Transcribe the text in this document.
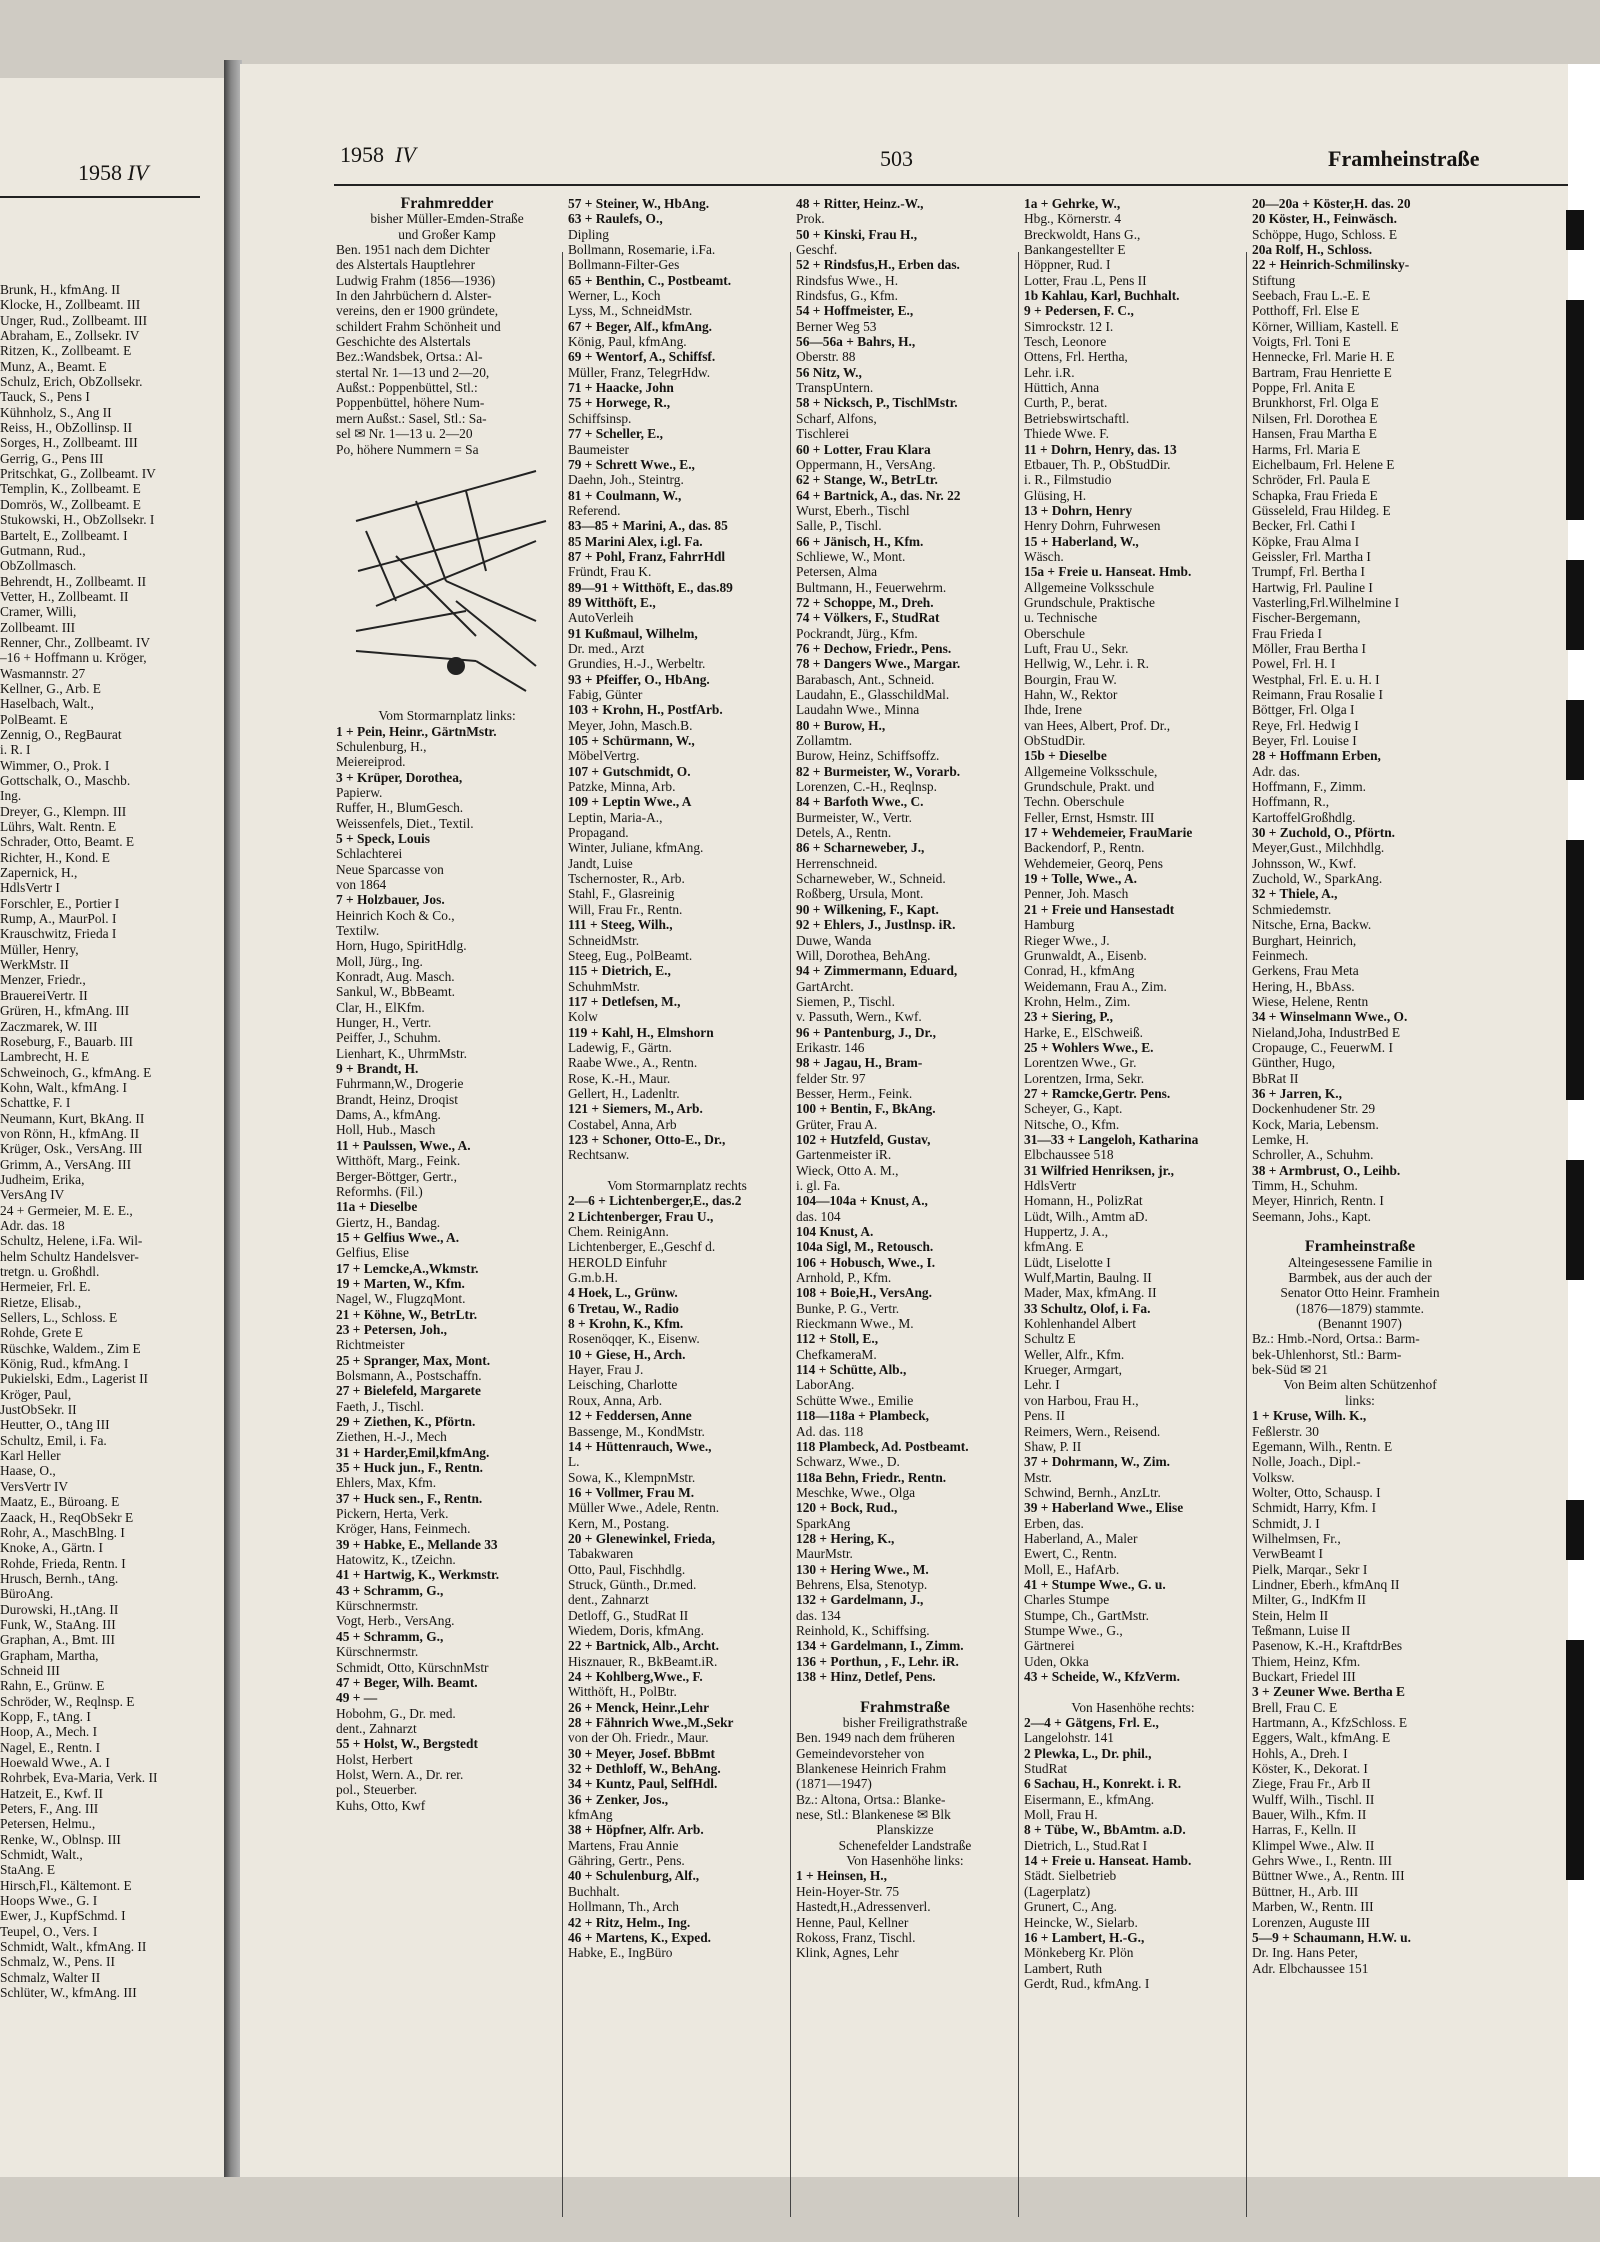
1958 IV
Brunk, H., kfmAng. II
Klocke, H., Zollbeamt. III
Unger, Rud., Zollbeamt. III
Abraham, E., Zollsekr. IV
Ritzen, K., Zollbeamt. E
Munz, A., Beamt. E
Schulz, Erich, ObZollsekr.
Tauck, S., Pens I
Kühnholz, S., Ang II
Reiss, H., ObZollinsp. II
Sorges, H., Zollbeamt. III
Gerrig, G., Pens III
Pritschkat, G., Zollbeamt. IV
Templin, K., Zollbeamt. E
Domrös, W., Zollbeamt. E
Stukowski, H., ObZollsekr. I
Bartelt, E., Zollbeamt. I
Gutmann, Rud.,
ObZollmasch.
Behrendt, H., Zollbeamt. II
Vetter, H., Zollbeamt. II
Cramer, Willi,
Zollbeamt. III
Renner, Chr., Zollbeamt. IV
–16 + Hoffmann u. Kröger,
Wasmannstr. 27
Kellner, G., Arb. E
Haselbach, Walt.,
PolBeamt. E
Zennig, O., RegBaurat
i. R. I
Wimmer, O., Prok. I
Gottschalk, O., Maschb.
Ing.
Dreyer, G., Klempn. III
Lührs, Walt. Rentn. E
Schrader, Otto, Beamt. E
Richter, H., Kond. E
Zapernick, H.,
HdlsVertr I
Forschler, E., Portier I
Rump, A., MaurPol. I
Krauschwitz, Frieda I
Müller, Henry,
WerkMstr. II
Menzer, Friedr.,
BrauereiVertr. II
Grüren, H., kfmAng. III
Zaczmarek, W. III
Roseburg, F., Bauarb. III
Lambrecht, H. E
Schweinoch, G., kfmAng. E
Kohn, Walt., kfmAng. I
Schattke, F. I
Neumann, Kurt, BkAng. II
von Rönn, H., kfmAng. II
Krüger, Osk., VersAng. III
Grimm, A., VersAng. III
Judheim, Erika,
VersAng IV
24 + Germeier, M. E. E.,
Adr. das. 18
Schultz, Helene, i.Fa. Wil-
helm Schultz Handelsver-
tretgn. u. Großhdl.
Hermeier, Frl. E.
Rietze, Elisab.,
Sellers, L., Schloss. E
Rohde, Grete E
Rüschke, Waldem., Zim E
König, Rud., kfmAng. I
Pukielski, Edm., Lagerist II
Kröger, Paul,
JustObSekr. II
Heutter, O., tAng III
Schultz, Emil, i. Fa.
Karl Heller
Haase, O.,
VersVertr IV
Maatz, E., Büroang. E
Zaack, H., ReqObSekr E
Rohr, A., MaschBlng. I
Knoke, A., Gärtn. I
Rohde, Frieda, Rentn. I
Hrusch, Bernh., tAng.
BüroAng.
Durowski, H.,tAng. II
Funk, W., StaAng. III
Graphan, A., Bmt. III
Grapham, Martha,
Schneid III
Rahn, E., Grünw. E
Schröder, W., Reqlnsp. E
Kopp, F., tAng. I
Hoop, A., Mech. I
Nagel, E., Rentn. I
Hoewald Wwe., A. I
Rohrbek, Eva-Maria, Verk. II
Hatzeit, E., Kwf. II
Peters, F., Ang. III
Petersen, Helmu.,
Renke, W., Oblnsp. III
Schmidt, Walt.,
StaAng. E
Hirsch,Fl., Kältemont. E
Hoops Wwe., G. I
Ewer, J., KupfSchmd. I
Teupel, O., Vers. I
Schmidt, Walt., kfmAng. II
Schmalz, W., Pens. II
Schmalz, Walter II
Schlüter, W., kfmAng. III
1958 IV	503	Framheinstraße
Frahmredder
bisher Müller-Emden-Straße
und Großer Kamp
Ben. 1951 nach dem Dichter
des Alstertals Hauptlehrer
Ludwig Frahm (1856—1936)
In den Jahrbüchern d. Alster-
vereins, den er 1900 gründete,
schildert Frahm Schönheit und
Geschichte des Alstertals
Bez.:Wandsbek, Ortsa.: Al-
stertal Nr. 1—13 und 2—20,
Außst.: Poppenbüttel, Stl.:
Poppenbüttel, höhere Num-
mern Außst.: Sasel, Stl.: Sa-
sel ✉ Nr. 1—13 u. 2—20
Po, höhere Nummern = Sa
Vom Stormarnplatz links:
1 + Pein, Heinr., GärtnMstr.
Schulenburg, H.,
Meiereiprod.
3 + Krüper, Dorothea,
Papierw.
Ruffer, H., BlumGesch.
Weissenfels, Diet., Textil.
5 + Speck, Louis
Schlachterei
Neue Sparcasse von
von 1864
7 + Holzbauer, Jos.
Heinrich Koch & Co.,
Textilw.
Horn, Hugo, SpiritHdlg.
Moll, Jürg., Ing.
Konradt, Aug. Masch.
Sankul, W., BbBeamt.
Clar, H., ElKfm.
Hunger, H., Vertr.
Peiffer, J., Schuhm.
Lienhart, K., UhrmMstr.
9 + Brandt, H.
Fuhrmann,W., Drogerie
Brandt, Heinz, Droqist
Dams, A., kfmAng.
Holl, Hub., Masch
11 + Paulssen, Wwe., A.
Witthöft, Marg., Feink.
Berger-Böttger, Gertr.,
Reformhs. (Fil.)
11a + Dieselbe
Giertz, H., Bandag.
15 + Gelfius Wwe., A.
Gelfius, Elise
17 + Lemcke,A.,Wkmstr.
19 + Marten, W., Kfm.
Nagel, W., FlugzqMont.
21 + Köhne, W., BetrLtr.
23 + Petersen, Joh.,
Richtmeister
25 + Spranger, Max, Mont.
Bolsmann, A., Postschaffn.
27 + Bielefeld, Margarete
Faeth, J., Tischl.
29 + Ziethen, K., Pförtn.
Ziethen, H.-J., Mech
31 + Harder,Emil,kfmAng.
35 + Huck jun., F., Rentn.
Ehlers, Max, Kfm.
37 + Huck sen., F., Rentn.
Pickern, Herta, Verk.
Kröger, Hans, Feinmech.
39 + Habke, E., Mellande 33
Hatowitz, K., tZeichn.
41 + Hartwig, K., Werkmstr.
43 + Schramm, G.,
Kürschnermstr.
Vogt, Herb., VersAng.
45 + Schramm, G.,
Kürschnermstr.
Schmidt, Otto, KürschnMstr
47 + Beger, Wilh. Beamt.
49 + —
Hobohm, G., Dr. med.
dent., Zahnarzt
55 + Holst, W., Bergstedt
Holst, Herbert
Holst, Wern. A., Dr. rer.
pol., Steuerber.
Kuhs, Otto, Kwf
57 + Steiner, W., HbAng.
63 + Raulefs, O.,
Dipling
Bollmann, Rosemarie, i.Fa.
Bollmann-Filter-Ges
65 + Benthin, C., Postbeamt.
Werner, L., Koch
Lyss, M., SchneidMstr.
67 + Beger, Alf., kfmAng.
König, Paul, kfmAng.
69 + Wentorf, A., Schiffsf.
Müller, Franz, TelegrHdw.
71 + Haacke, John
75 + Horwege, R.,
Schiffsinsp.
77 + Scheller, E.,
Baumeister
79 + Schrett Wwe., E.,
Daehn, Joh., Steintrg.
81 + Coulmann, W.,
Referend.
83—85 + Marini, A., das. 85
85 Marini Alex, i.gl. Fa.
87 + Pohl, Franz, FahrrHdl
Fründt, Frau K.
89—91 + Witthöft, E., das.89
89 Witthöft, E.,
AutoVerleih
91 Kußmaul, Wilhelm,
Dr. med., Arzt
Grundies, H.-J., Werbeltr.
93 + Pfeiffer, O., HbAng.
Fabig, Günter
103 + Krohn, H., PostfArb.
Meyer, John, Masch.B.
105 + Schürmann, W.,
MöbelVertrg.
107 + Gutschmidt, O.
Patzke, Minna, Arb.
109 + Leptin Wwe., A
Leptin, Maria-A.,
Propagand.
Winter, Juliane, kfmAng.
Jandt, Luise
Tschernoster, R., Arb.
Stahl, F., Glasreinig
Will, Frau Fr., Rentn.
111 + Steeg, Wilh.,
SchneidMstr.
Steeg, Eug., PolBeamt.
115 + Dietrich, E.,
SchuhmMstr.
117 + Detlefsen, M.,
Kolw
119 + Kahl, H., Elmshorn
Ladewig, F., Gärtn.
Raabe Wwe., A., Rentn.
Rose, K.-H., Maur.
Gellert, H., Ladenltr.
121 + Siemers, M., Arb.
Costabel, Anna, Arb
123 + Schoner, Otto-E., Dr.,
Rechtsanw.

Vom Stormarnplatz rechts
2—6 + Lichtenberger,E., das.2
2 Lichtenberger, Frau U.,
Chem. ReinigAnn.
Lichtenberger, E.,Geschf d.
HEROLD Einfuhr
G.m.b.H.
4 Hoek, L., Grünw.
6 Tretau, W., Radio
8 + Krohn, K., Kfm.
Rosenöqqer, K., Eisenw.
10 + Giese, H., Arch.
Hayer, Frau J.
Leisching, Charlotte
Roux, Anna, Arb.
12 + Feddersen, Anne
Bassenge, M., KondMstr.
14 + Hüttenrauch, Wwe.,
L.
Sowa, K., KlempnMstr.
16 + Vollmer, Frau M.
Müller Wwe., Adele, Rentn.
Kern, M., Postang.
20 + Glenewinkel, Frieda,
Tabakwaren
Otto, Paul, Fischhdlg.
Struck, Günth., Dr.med.
dent., Zahnarzt
Detloff, G., StudRat II
Wiedem, Doris, kfmAng.
22 + Bartnick, Alb., Archt.
Hisznauer, R., BkBeamt.iR.
24 + Kohlberg,Wwe., F.
Witthöft, H., PolBtr.
26 + Menck, Heinr.,Lehr
28 + Fähnrich Wwe.,M.,Sekr
von der Oh. Friedr., Maur.
30 + Meyer, Josef. BbBmt
32 + Dethloff, W., BehAng.
34 + Kuntz, Paul, SelfHdl.
36 + Zenker, Jos.,
kfmAng
38 + Höpfner, Alfr. Arb.
Martens, Frau Annie
Gähring, Gertr., Pens.
40 + Schulenburg, Alf.,
Buchhalt.
Hollmann, Th., Arch
42 + Ritz, Helm., Ing.
46 + Martens, K., Exped.
Habke, E., IngBüro
48 + Ritter, Heinz.-W.,
Prok.
50 + Kinski, Frau H.,
Geschf.
52 + Rindsfus,H., Erben das.
Rindsfus Wwe., H.
Rindsfus, G., Kfm.
54 + Hoffmeister, E.,
Berner Weg 53
56—56a + Bahrs, H.,
Oberstr. 88
56 Nitz, W.,
TranspUntern.
58 + Nicksch, P., TischlMstr.
Scharf, Alfons,
Tischlerei
60 + Lotter, Frau Klara
Oppermann, H., VersAng.
62 + Stange, W., BetrLtr.
64 + Bartnick, A., das. Nr. 22
Wurst, Eberh., Tischl
Salle, P., Tischl.
66 + Jänisch, H., Kfm.
Schliewe, W., Mont.
Petersen, Alma
Bultmann, H., Feuerwehrm.
72 + Schoppe, M., Dreh.
74 + Völkers, F., StudRat
Pockrandt, Jürg., Kfm.
76 + Dechow, Friedr., Pens.
78 + Dangers Wwe., Margar.
Barabasch, Ant., Schneid.
Laudahn, E., GlasschildMal.
Laudahn Wwe., Minna
80 + Burow, H.,
Zollamtm.
Burow, Heinz, Schiffsoffz.
82 + Burmeister, W., Vorarb.
Lorenzen, C.-H., Reqlnsp.
84 + Barfoth Wwe., C.
Burmeister, W., Vertr.
Detels, A., Rentn.
86 + Scharneweber, J.,
Herrenschneid.
Scharneweber, W., Schneid.
Roßberg, Ursula, Mont.
90 + Wilkening, F., Kapt.
92 + Ehlers, J., Justlnsp. iR.
Duwe, Wanda
Will, Dorothea, BehAng.
94 + Zimmermann, Eduard,
GartArcht.
Siemen, P., Tischl.
v. Passuth, Wern., Kwf.
96 + Pantenburg, J., Dr.,
Erikastr. 146
98 + Jagau, H., Bram-
felder Str. 97
Besser, Herm., Feink.
100 + Bentin, F., BkAng.
Grüter, Frau A.
102 + Hutzfeld, Gustav,
Gartenmeister iR.
Wieck, Otto A. M.,
i. gl. Fa.
104—104a + Knust, A.,
das. 104
104 Knust, A.
104a Sigl, M., Retousch.
106 + Hobusch, Wwe., I.
Arnhold, P., Kfm.
108 + Boie,H., VersAng.
Bunke, P. G., Vertr.
Rieckmann Wwe., M.
112 + Stoll, E.,
ChefkameraM.
114 + Schütte, Alb.,
LaborAng.
Schütte Wwe., Emilie
118—118a + Plambeck,
Ad. das. 118
118 Plambeck, Ad. Postbeamt.
Schwarz, Wwe., D.
118a Behn, Friedr., Rentn.
Meschke, Wwe., Olga
120 + Bock, Rud.,
SparkAng
128 + Hering, K.,
MaurMstr.
130 + Hering Wwe., M.
Behrens, Elsa, Stenotyp.
132 + Gardelmann, J.,
das. 134
Reinhold, K., Schiffsing.
134 + Gardelmann, I., Zimm.
136 + Porthun, , F., Lehr. iR.
138 + Hinz, Detlef, Pens.

Frahmstraße
bisher Freiligrathstraße
Ben. 1949 nach dem früheren
Gemeindevorsteher von
Blankenese Heinrich Frahm
(1871—1947)
Bz.: Altona, Ortsa.: Blanke-
nese, Stl.: Blankenese ✉ Blk
Planskizze
Schenefelder Landstraße
Von Hasenhöhe links:
1 + Heinsen, H.,
Hein-Hoyer-Str. 75
Hastedt,H.,Adressenverl.
Henne, Paul, Kellner
Rokoss, Franz, Tischl.
Klink, Agnes, Lehr
1a + Gehrke, W.,
Hbg., Körnerstr. 4
Breckwoldt, Hans G.,
Bankangestellter E
Höppner, Rud. I
Lotter, Frau .L, Pens II
1b Kahlau, Karl, Buchhalt.
9 + Pedersen, F. C.,
Simrockstr. 12 I.
Tesch, Leonore
Ottens, Frl. Hertha,
Lehr. i.R.
Hüttich, Anna
Curth, P., berat.
Betriebswirtschaftl.
Thiede Wwe. F.
11 + Dohrn, Henry, das. 13
Etbauer, Th. P., ObStudDir.
i. R., Filmstudio
Glüsing, H.
13 + Dohrn, Henry
Henry Dohrn, Fuhrwesen
15 + Haberland, W.,
Wäsch.
15a + Freie u. Hanseat. Hmb.
Allgemeine Volksschule
Grundschule, Praktische
u. Technische
Oberschule
Luft, Frau U., Sekr.
Hellwig, W., Lehr. i. R.
Bourgin, Frau W.
Hahn, W., Rektor
Ihde, Irene
van Hees, Albert, Prof. Dr.,
ObStudDir.
15b + Dieselbe
Allgemeine Volksschule,
Grundschule, Prakt. und
Techn. Oberschule
Feller, Ernst, Hsmstr. III
17 + Wehdemeier, FrauMarie
Backendorf, P., Rentn.
Wehdemeier, Georq, Pens
19 + Tolle, Wwe., A.
Penner, Joh. Masch
21 + Freie und Hansestadt
Hamburg
Rieger Wwe., J.
Grunwaldt, A., Eisenb.
Conrad, H., kfmAng
Weidemann, Frau A., Zim.
Krohn, Helm., Zim.
23 + Siering, P.,
Harke, E., ElSchweiß.
25 + Wohlers Wwe., E.
Lorentzen Wwe., Gr.
Lorentzen, Irma, Sekr.
27 + Ramcke,Gertr. Pens.
Scheyer, G., Kapt.
Nitsche, O., Kfm.
31—33 + Langeloh, Katharina
Elbchaussee 518
31 Wilfried Henriksen, jr.,
HdlsVertr
Homann, H., PolizRat
Lüdt, Wilh., Amtm aD.
Huppertz, J. A.,
kfmAng. E
Lüdt, Liselotte I
Wulf,Martin, Baulng. II
Mader, Max, kfmAng. II
33 Schultz, Olof, i. Fa.
Kohlenhandel Albert
Schultz E
Weller, Alfr., Kfm.
Krueger, Armgart,
Lehr. I
von Harbou, Frau H.,
Pens. II
Reimers, Wern., Reisend.
Shaw, P. II
37 + Dohrmann, W., Zim.
Mstr.
Schwind, Bernh., AnzLtr.
39 + Haberland Wwe., Elise
Erben, das.
Haberland, A., Maler
Ewert, C., Rentn.
Moll, E., HafArb.
41 + Stumpe Wwe., G. u.
Charles Stumpe
Stumpe, Ch., GartMstr.
Stumpe Wwe., G.,
Gärtnerei
Uden, Okka
43 + Scheide, W., KfzVerm.

Von Hasenhöhe rechts:
2—4 + Gätgens, Frl. E.,
Langelohstr. 141
2 Plewka, L., Dr. phil.,
StudRat
6 Sachau, H., Konrekt. i. R.
Eisermann, E., kfmAng.
Moll, Frau H.
8 + Tübe, W., BbAmtm. a.D.
Dietrich, L., Stud.Rat I
14 + Freie u. Hanseat. Hamb.
Städt. Sielbetrieb
(Lagerplatz)
Grunert, C., Ang.
Heincke, W., Sielarb.
16 + Lambert, H.-G.,
Mönkeberg Kr. Plön
Lambert, Ruth
Gerdt, Rud., kfmAng. I
20—20a + Köster,H. das. 20
20 Köster, H., Feinwäsch.
Schöppe, Hugo, Schloss. E
20a Rolf, H., Schloss.
22 + Heinrich-Schmilinsky-
Stiftung
Seebach, Frau L.-E. E
Potthoff, Frl. Else E
Körner, William, Kastell. E
Voigts, Frl. Toni E
Hennecke, Frl. Marie H. E
Bartram, Frau Henriette E
Poppe, Frl. Anita E
Brunkhorst, Frl. Olga E
Nilsen, Frl. Dorothea E
Hansen, Frau Martha E
Harms, Frl. Maria E
Eichelbaum, Frl. Helene E
Schröder, Frl. Paula E
Schapka, Frau Frieda E
Güsseleld, Frau Hildeg. E
Becker, Frl. Cathi I
Köpke, Frau Alma I
Geissler, Frl. Martha I
Trumpf, Frl. Bertha I
Hartwig, Frl. Pauline I
Vasterling,Frl.Wilhelmine I
Fischer-Bergemann,
Frau Frieda I
Möller, Frau Bertha I
Powel, Frl. H. I
Westphal, Frl. E. u. H. I
Reimann, Frau Rosalie I
Böttger, Frl. Olga I
Reye, Frl. Hedwig I
Beyer, Frl. Louise I
28 + Hoffmann Erben,
Adr. das.
Hoffmann, F., Zimm.
Hoffmann, R.,
KartoffelGroßhdlg.
30 + Zuchold, O., Pförtn.
Meyer,Gust., Milchhdlg.
Johnsson, W., Kwf.
Zuchold, W., SparkAng.
32 + Thiele, A.,
Schmiedemstr.
Nitsche, Erna, Backw.
Burghart, Heinrich,
Feinmech.
Gerkens, Frau Meta
Hering, H., BbAss.
Wiese, Helene, Rentn
34 + Winselmann Wwe., O.
Nieland,Joha, IndustrBed E
Cropauge, C., FeuerwM. I
Günther, Hugo,
BbRat II
36 + Jarren, K.,
Dockenhudener Str. 29
Kock, Maria, Lebensm.
Lemke, H.
Schroller, A., Schuhm.
38 + Armbrust, O., Leihb.
Timm, H., Schuhm.
Meyer, Hinrich, Rentn. I
Seemann, Johs., Kapt.

Framheinstraße
Alteingesessene Familie in
Barmbek, aus der auch der
Senator Otto Heinr. Framhein
(1876—1879) stammte.
(Benannt 1907)
Bz.: Hmb.-Nord, Ortsa.: Barm-
bek-Uhlenhorst, Stl.: Barm-
bek-Süd ✉ 21
Von Beim alten Schützenhof
links:
1 + Kruse, Wilh. K.,
Feßlerstr. 30
Egemann, Wilh., Rentn. E
Nolle, Joach., Dipl.-
Volksw.
Wolter, Otto, Schausp. I
Schmidt, Harry, Kfm. I
Schmidt, J. I
Wilhelmsen, Fr.,
VerwBeamt I
Pielk, Marqar., Sekr I
Lindner, Eberh., kfmAnq II
Milter, G., IndKfm II
Stein, Helm II
Teßmann, Luise II
Pasenow, K.-H., KraftdrBes
Thiem, Heinz, Kfm.
Buckart, Friedel III
3 + Zeuner Wwe. Bertha E
Brell, Frau C. E
Hartmann, A., KfzSchloss. E
Eggers, Walt., kfmAng. E
Hohls, A., Dreh. I
Köster, K., Dekorat. I
Ziege, Frau Fr., Arb II
Wulff, Wilh., Tischl. II
Bauer, Wilh., Kfm. II
Harras, F., Kelln. II
Klimpel Wwe., Alw. II
Gehrs Wwe., I., Rentn. III
Büttner Wwe., A., Rentn. III
Büttner, H., Arb. III
Marben, W., Rentn. III
Lorenzen, Auguste III
5—9 + Schaumann, H.W. u.
Dr. Ing. Hans Peter,
Adr. Elbchaussee 151
